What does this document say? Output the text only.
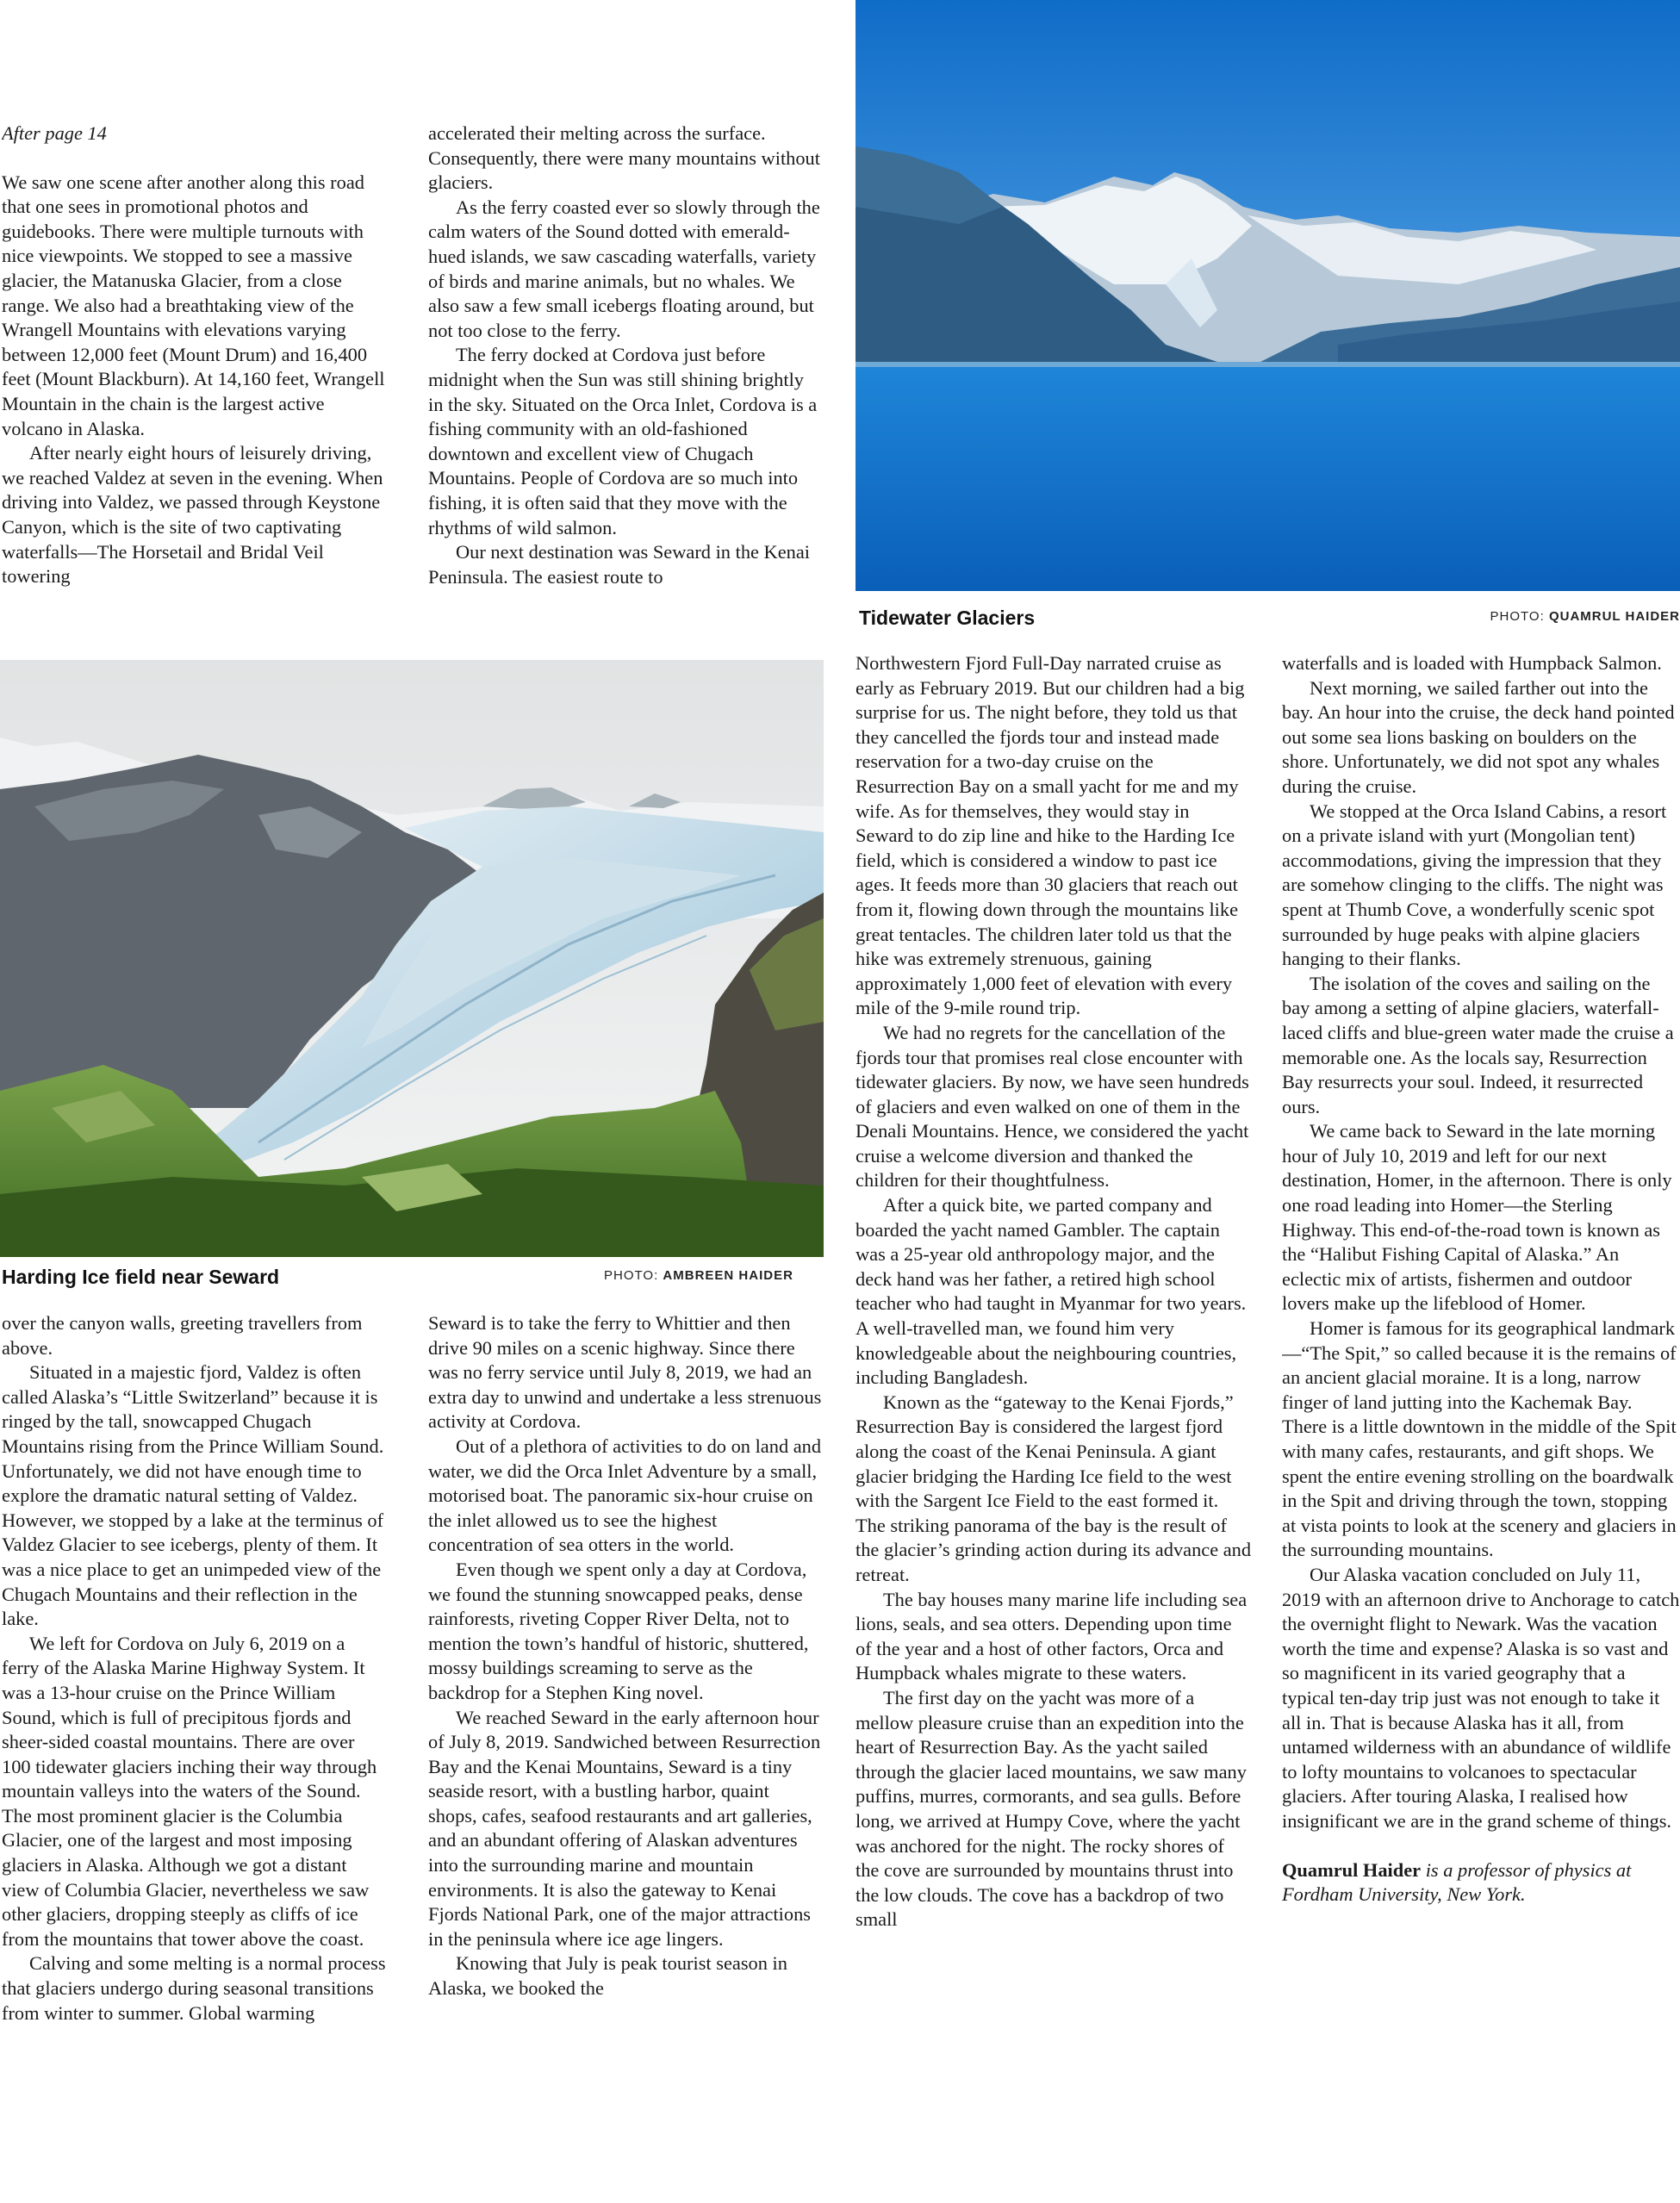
After page 14

We saw one scene after another along this road that one sees in promotional photos and guidebooks. There were multiple turnouts with nice viewpoints. We stopped to see a massive glacier, the Matanuska Glacier, from a close range. We also had a breathtaking view of the Wrangell Mountains with elevations varying between 12,000 feet (Mount Drum) and 16,400 feet (Mount Blackburn). At 14,160 feet, Wrangell Mountain in the chain is the largest active volcano in Alaska.

After nearly eight hours of leisurely driving, we reached Valdez at seven in the evening. When driving into Valdez, we passed through Keystone Canyon, which is the site of two captivating waterfalls—The Horsetail and Bridal Veil towering

accelerated their melting across the surface. Consequently, there were many mountains without glaciers.

As the ferry coasted ever so slowly through the calm waters of the Sound dotted with emerald-hued islands, we saw cascading waterfalls, variety of birds and marine animals, but no whales. We also saw a few small icebergs floating around, but not too close to the ferry.

The ferry docked at Cordova just before midnight when the Sun was still shining brightly in the sky. Situated on the Orca Inlet, Cordova is a fishing community with an old-fashioned downtown and excellent view of Chugach Mountains. People of Cordova are so much into fishing, it is often said that they move with the rhythms of wild salmon.

Our next destination was Seward in the Kenai Peninsula. The easiest route to

Tidewater Glaciers	PHOTO: QUAMRUL HAIDER
Harding Ice field near Seward	PHOTO: AMBREEN HAIDER

over the canyon walls, greeting travellers from above.

Situated in a majestic fjord, Valdez is often called Alaska’s “Little Switzerland” because it is ringed by the tall, snowcapped Chugach Mountains rising from the Prince William Sound. Unfortunately, we did not have enough time to explore the dramatic natural setting of Valdez. However, we stopped by a lake at the terminus of Valdez Glacier to see icebergs, plenty of them. It was a nice place to get an unimpeded view of the Chugach Mountains and their reflection in the lake.

We left for Cordova on July 6, 2019 on a ferry of the Alaska Marine Highway System. It was a 13-hour cruise on the Prince William Sound, which is full of precipitous fjords and sheer-sided coastal mountains. There are over 100 tidewater glaciers inching their way through mountain valleys into the waters of the Sound. The most prominent glacier is the Columbia Glacier, one of the largest and most imposing glaciers in Alaska. Although we got a distant view of Columbia Glacier, nevertheless we saw other glaciers, dropping steeply as cliffs of ice from the mountains that tower above the coast.

Calving and some melting is a normal process that glaciers undergo during seasonal transitions from winter to summer. Global warming

Seward is to take the ferry to Whittier and then drive 90 miles on a scenic highway. Since there was no ferry service until July 8, 2019, we had an extra day to unwind and undertake a less strenuous activity at Cordova.

Out of a plethora of activities to do on land and water, we did the Orca Inlet Adventure by a small, motorised boat. The panoramic six-hour cruise on the inlet allowed us to see the highest concentration of sea otters in the world.

Even though we spent only a day at Cordova, we found the stunning snowcapped peaks, dense rainforests, riveting Copper River Delta, not to mention the town’s handful of historic, shuttered, mossy buildings screaming to serve as the backdrop for a Stephen King novel.

We reached Seward in the early afternoon hour of July 8, 2019. Sandwiched between Resurrection Bay and the Kenai Mountains, Seward is a tiny seaside resort, with a bustling harbor, quaint shops, cafes, seafood restaurants and art galleries, and an abundant offering of Alaskan adventures into the surrounding marine and mountain environments. It is also the gateway to Kenai Fjords National Park, one of the major attractions in the peninsula where ice age lingers.

Knowing that July is peak tourist season in Alaska, we booked the

Northwestern Fjord Full-Day narrated cruise as early as February 2019. But our children had a big surprise for us. The night before, they told us that they cancelled the fjords tour and instead made reservation for a two-day cruise on the Resurrection Bay on a small yacht for me and my wife. As for themselves, they would stay in Seward to do zip line and hike to the Harding Ice field, which is considered a window to past ice ages. It feeds more than 30 glaciers that reach out from it, flowing down through the mountains like great tentacles. The children later told us that the hike was extremely strenuous, gaining approximately 1,000 feet of elevation with every mile of the 9-mile round trip.

We had no regrets for the cancellation of the fjords tour that promises real close encounter with tidewater glaciers. By now, we have seen hundreds of glaciers and even walked on one of them in the Denali Mountains. Hence, we considered the yacht cruise a welcome diversion and thanked the children for their thoughtfulness.

After a quick bite, we parted company and boarded the yacht named Gambler. The captain was a 25-year old anthropology major, and the deck hand was her father, a retired high school teacher who had taught in Myanmar for two years. A well-travelled man, we found him very knowledgeable about the neighbouring countries, including Bangladesh.

Known as the “gateway to the Kenai Fjords,” Resurrection Bay is considered the largest fjord along the coast of the Kenai Peninsula. A giant glacier bridging the Harding Ice field to the west with the Sargent Ice Field to the east formed it. The striking panorama of the bay is the result of the glacier’s grinding action during its advance and retreat.

The bay houses many marine life including sea lions, seals, and sea otters. Depending upon time of the year and a host of other factors, Orca and Humpback whales migrate to these waters.

The first day on the yacht was more of a mellow pleasure cruise than an expedition into the heart of Resurrection Bay. As the yacht sailed through the glacier laced mountains, we saw many puffins, murres, cormorants, and sea gulls. Before long, we arrived at Humpy Cove, where the yacht was anchored for the night. The rocky shores of the cove are surrounded by mountains thrust into the low clouds. The cove has a backdrop of two small

waterfalls and is loaded with Humpback Salmon.

Next morning, we sailed farther out into the bay. An hour into the cruise, the deck hand pointed out some sea lions basking on boulders on the shore. Unfortunately, we did not spot any whales during the cruise.

We stopped at the Orca Island Cabins, a resort on a private island with yurt (Mongolian tent) accommodations, giving the impression that they are somehow clinging to the cliffs. The night was spent at Thumb Cove, a wonderfully scenic spot surrounded by huge peaks with alpine glaciers hanging to their flanks.

The isolation of the coves and sailing on the bay among a setting of alpine glaciers, waterfall-laced cliffs and blue-green water made the cruise a memorable one. As the locals say, Resurrection Bay resurrects your soul. Indeed, it resurrected ours.

We came back to Seward in the late morning hour of July 10, 2019 and left for our next destination, Homer, in the afternoon. There is only one road leading into Homer—the Sterling Highway. This end-of-the-road town is known as the “Halibut Fishing Capital of Alaska.” An eclectic mix of artists, fishermen and outdoor lovers make up the lifeblood of Homer.

Homer is famous for its geographical landmark—“The Spit,” so called because it is the remains of an ancient glacial moraine. It is a long, narrow finger of land jutting into the Kachemak Bay. There is a little downtown in the middle of the Spit with many cafes, restaurants, and gift shops. We spent the entire evening strolling on the boardwalk in the Spit and driving through the town, stopping at vista points to look at the scenery and glaciers in the surrounding mountains.

Our Alaska vacation concluded on July 11, 2019 with an afternoon drive to Anchorage to catch the overnight flight to Newark. Was the vacation worth the time and expense? Alaska is so vast and so magnificent in its varied geography that a typical ten-day trip just was not enough to take it all in. That is because Alaska has it all, from untamed wilderness with an abundance of wildlife to lofty mountains to volcanoes to spectacular glaciers. After touring Alaska, I realised how insignificant we are in the grand scheme of things.

Quamrul Haider is a professor of physics at Fordham University, New York.
